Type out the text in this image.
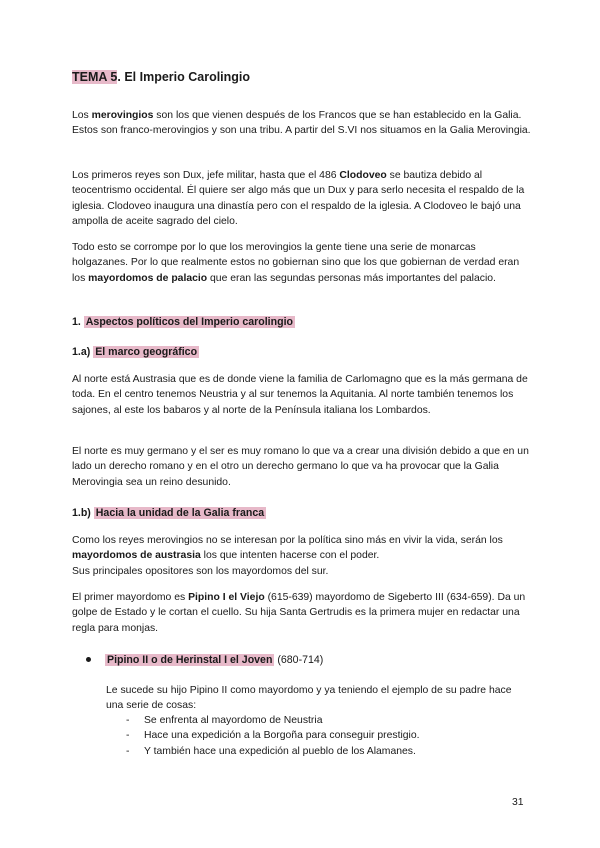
TEMA 5. El Imperio Carolingio

Los merovingios son los que vienen después de los Francos que se han establecido en la Galia. Estos son franco-merovingios y son una tribu. A partir del S.VI nos situamos en la Galia Merovingia.

Los primeros reyes son Dux, jefe militar, hasta que el 486 Clodoveo se bautiza debido al teocentrismo occidental. Él quiere ser algo más que un Dux y para serlo necesita el respaldo de la iglesia. Clodoveo inaugura una dinastía pero con el respaldo de la iglesia. A Clodoveo le bajó una ampolla de aceite sagrado del cielo.

Todo esto se corrompe por lo que los merovingios la gente tiene una serie de monarcas holgazanes. Por lo que realmente estos no gobiernan sino que los que gobiernan de verdad eran los mayordomos de palacio que eran las segundas personas más importantes del palacio.

1. Aspectos políticos del Imperio carolingio
1.a) El marco geográfico

Al norte está Austrasia que es de donde viene la familia de Carlomagno que es la más germana de toda. En el centro tenemos Neustria y al sur tenemos la Aquitania. Al norte también tenemos los sajones, al este los babaros y al norte de la Península italiana los Lombardos.

El norte es muy germano y el ser es muy romano lo que va a crear una división debido a que en un lado un derecho romano y en el otro un derecho germano lo que va ha provocar que la Galia Merovingia sea un reino desunido.

1.b) Hacia la unidad de la Galia franca

Como los reyes merovingios no se interesan por la política sino más en vivir la vida, serán los mayordomos de austrasia los que intenten hacerse con el poder.
Sus principales opositores son los mayordomos del sur.

El primer mayordomo es Pipino I el Viejo (615-639) mayordomo de Sigeberto III (634-659). Da un golpe de Estado y le cortan el cuello. Su hija Santa Gertrudis es la primera mujer en redactar una regla para monjas.

Pipino II o de Herinstal I el Joven (680-714)

Le sucede su hijo Pipino II como mayordomo y ya teniendo el ejemplo de su padre hace una serie de cosas:

-	Se enfrenta al mayordomo de Neustria
-	Hace una expedición a la Borgoña para conseguir prestigio.
-	Y también hace una expedición al pueblo de los Alamanes.
31
